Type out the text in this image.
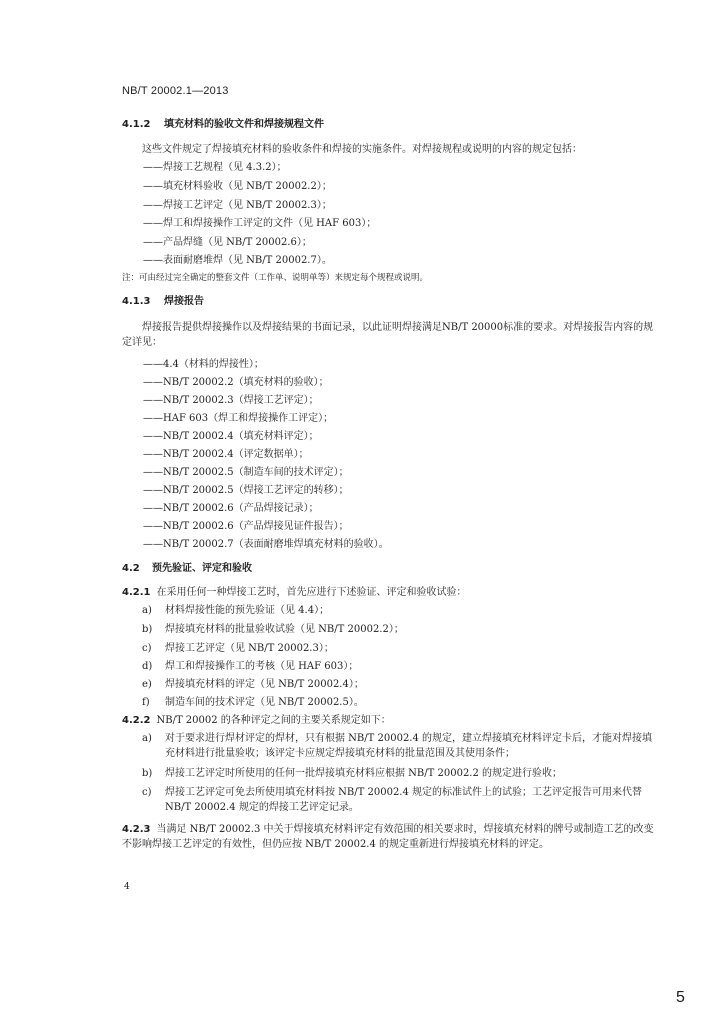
NB/T 20002.1—2013
4.1.2 填充材料的验收文件和焊接规程文件
这些文件规定了焊接填充材料的验收条件和焊接的实施条件。对焊接规程或说明的内容的规定包括：
——焊接工艺规程（见 4.3.2）；
——填充材料验收（见 NB/T 20002.2）；
——焊接工艺评定（见 NB/T 20002.3）；
——焊工和焊接操作工评定的文件（见 HAF 603）；
——产品焊缝（见 NB/T 20002.6）；
——表面耐磨堆焊（见 NB/T 20002.7）。
注：可由经过完全确定的整套文件（工作单、说明单等）来规定每个规程或说明。
4.1.3 焊接报告
焊接报告提供焊接操作以及焊接结果的书面记录，以此证明焊接满足NB/T 20000标准的要求。对焊接报告内容的规定详见：
——4.4（材料的焊接性）；
——NB/T 20002.2（填充材料的验收）；
——NB/T 20002.3（焊接工艺评定）；
——HAF 603（焊工和焊接操作工评定）；
——NB/T 20002.4（填充材料评定）；
——NB/T 20002.4（评定数据单）；
——NB/T 20002.5（制造车间的技术评定）；
——NB/T 20002.5（焊接工艺评定的转移）；
——NB/T 20002.6（产品焊接记录）；
——NB/T 20002.6（产品焊接见证件报告）；
——NB/T 20002.7（表面耐磨堆焊填充材料的验收）。
4.2 预先验证、评定和验收
4.2.1 在采用任何一种焊接工艺时，首先应进行下述验证、评定和验收试验：
a) 材料焊接性能的预先验证（见 4.4）；
b) 焊接填充材料的批量验收试验（见 NB/T 20002.2）；
c) 焊接工艺评定（见 NB/T 20002.3）；
d) 焊工和焊接操作工的考核（见 HAF 603）；
e) 焊接填充材料的评定（见 NB/T 20002.4）；
f) 制造车间的技术评定（见 NB/T 20002.5）。
4.2.2 NB/T 20002 的各种评定之间的主要关系规定如下：
a) 对于要求进行焊材评定的焊材，只有根据 NB/T 20002.4 的规定，建立焊接填充材料评定卡后，才能对焊接填充材料进行批量验收；该评定卡应规定焊接填充材料的批量范围及其使用条件；
b) 焊接工艺评定时所使用的任何一批焊接填充材料应根据 NB/T 20002.2 的规定进行验收；
c) 焊接工艺评定可免去所使用填充材料按 NB/T 20002.4 规定的标准试件上的试验；工艺评定报告可用来代替 NB/T 20002.4 规定的焊接工艺评定记录。
4.2.3 当满足 NB/T 20002.3 中关于焊接填充材料评定有效范围的相关要求时，焊接填充材料的牌号或制造工艺的改变不影响焊接工艺评定的有效性，但仍应按 NB/T 20002.4 的规定重新进行焊接填充材料的评定。
4
5
